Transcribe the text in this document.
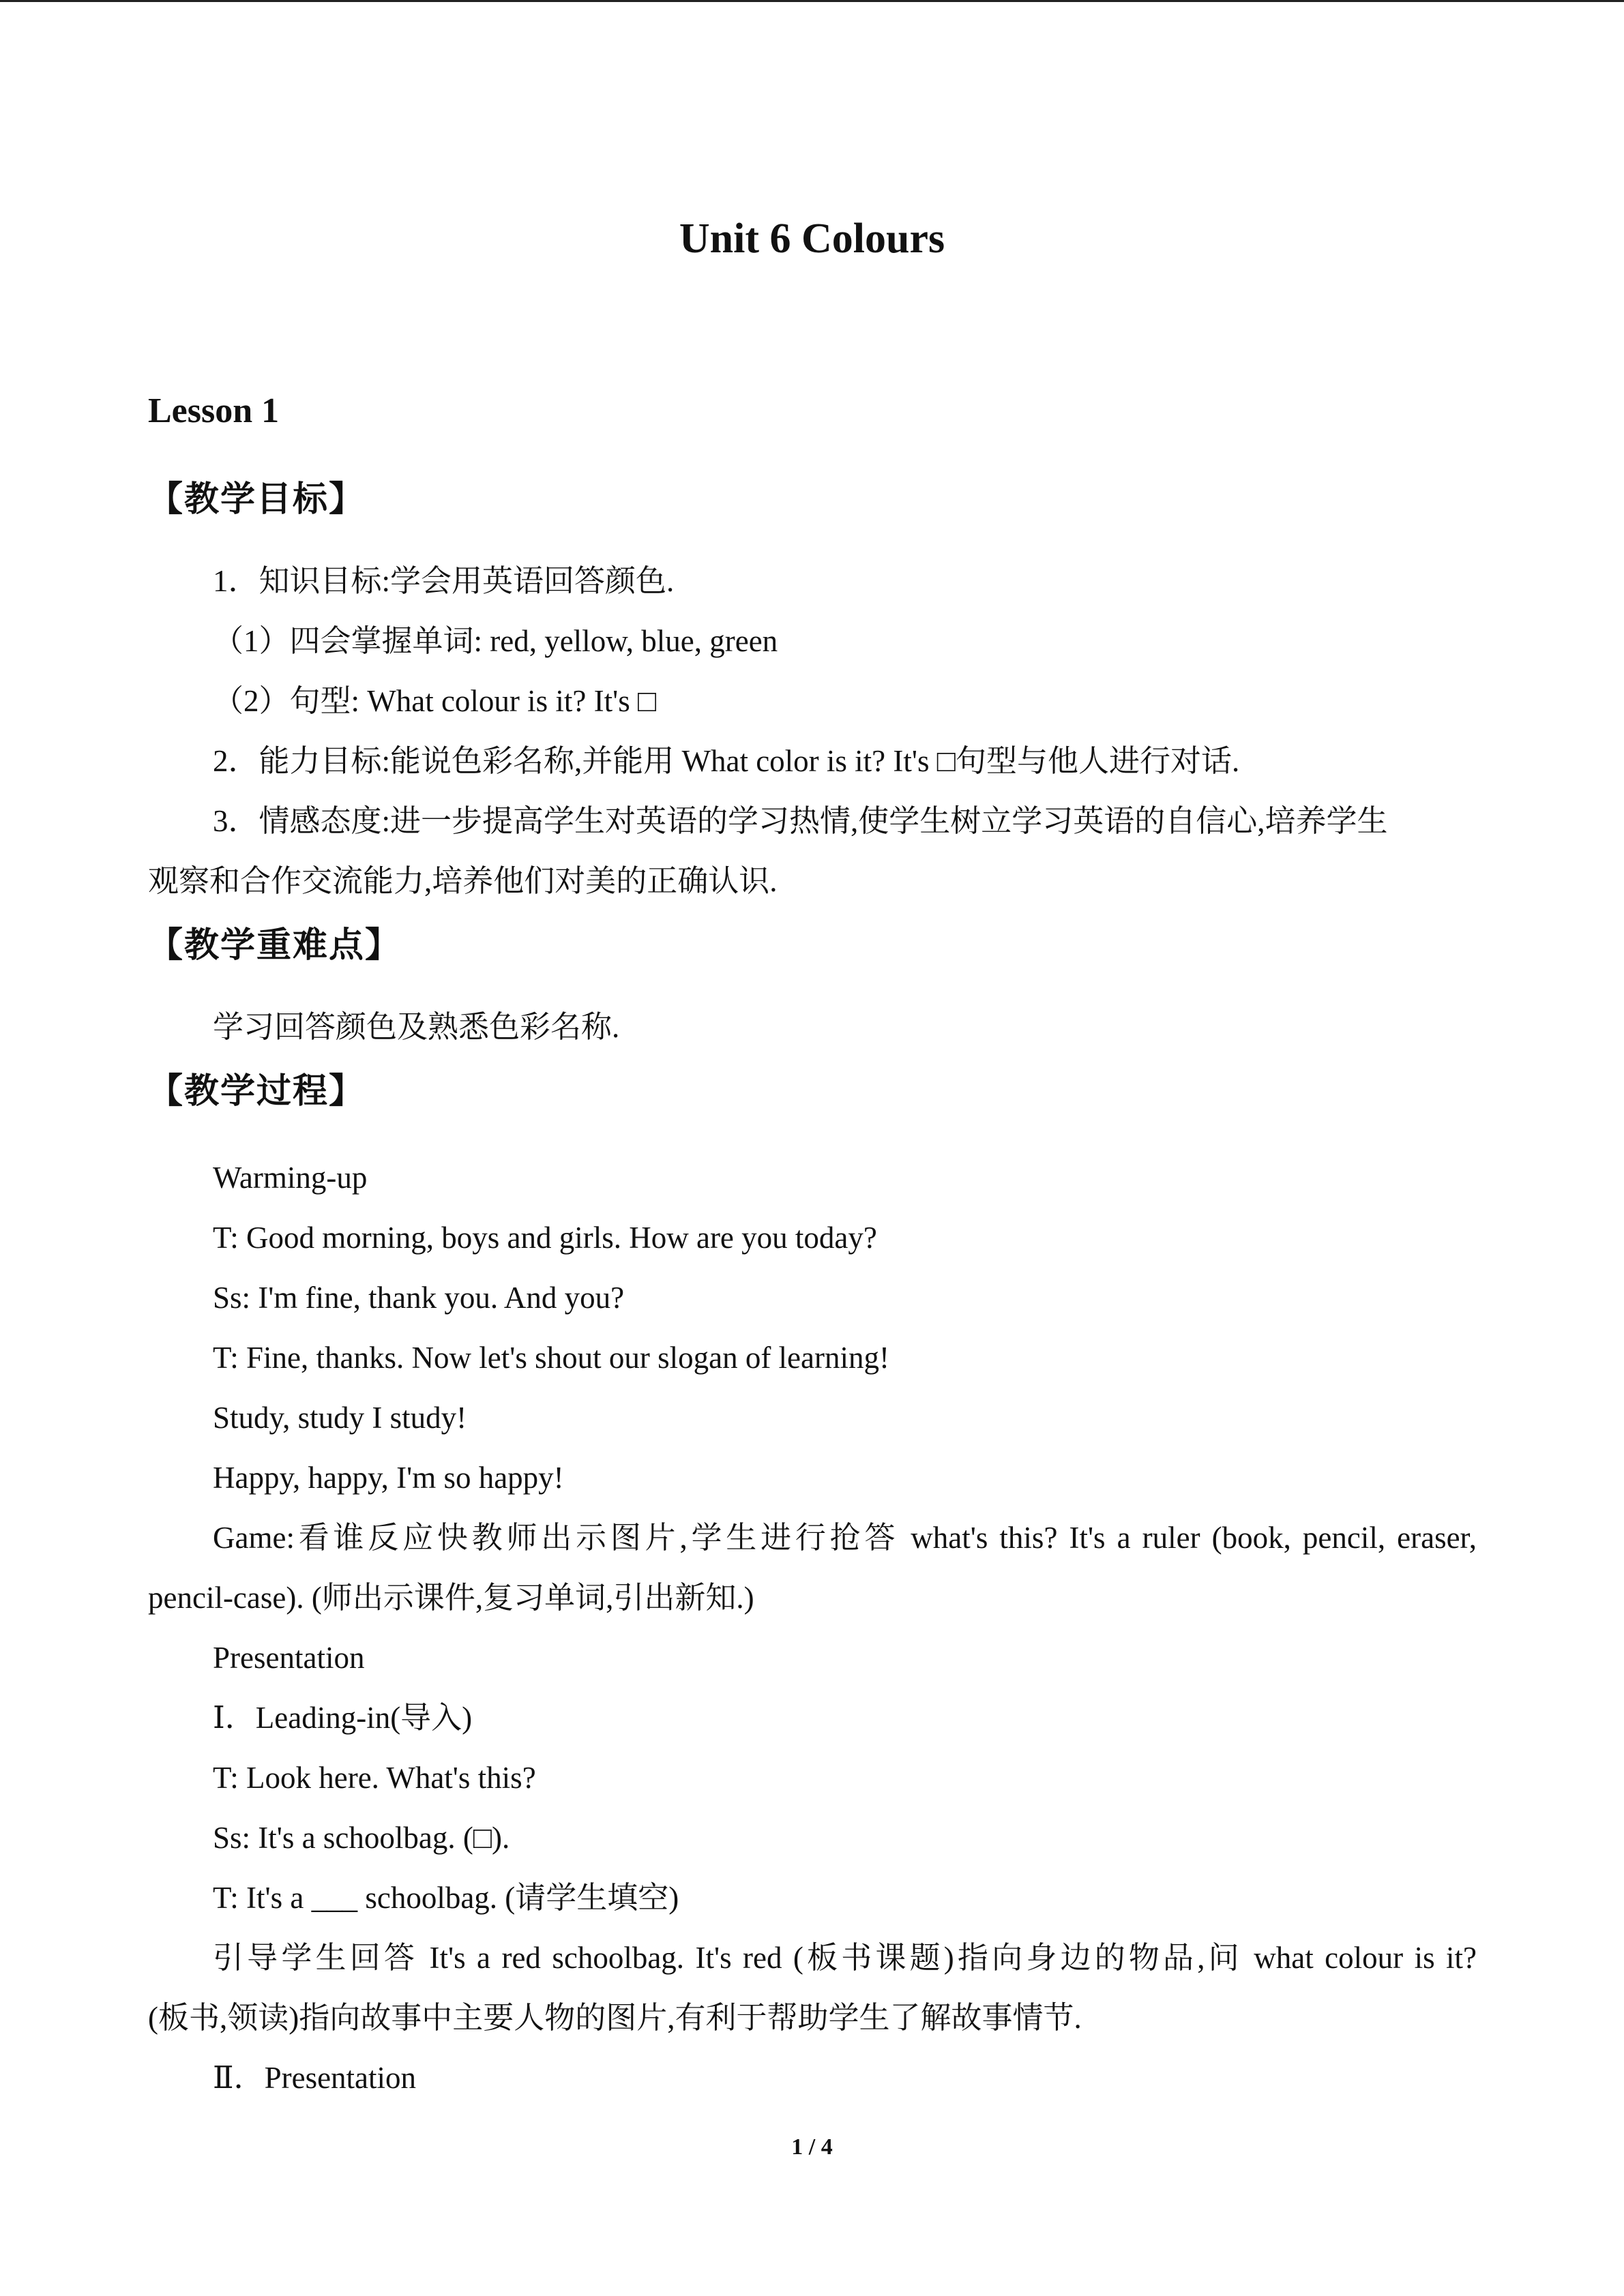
Unit 6 Colours
Lesson 1
【教学目标】
1．知识目标:学会用英语回答颜色.
（1）四会掌握单词: red, yellow, blue, green
（2）句型: What colour is it? It's □
2．能力目标:能说色彩名称,并能用 What color is it? It's □句型与他人进行对话.
3．情感态度:进一步提高学生对英语的学习热情,使学生树立学习英语的自信心,培养学生
观察和合作交流能力,培养他们对美的正确认识.
【教学重难点】
学习回答颜色及熟悉色彩名称.
【教学过程】
Warming-up
T: Good morning, boys and girls. How are you today?
Ss: I'm fine, thank you. And you?
T: Fine, thanks. Now let's shout our slogan of learning!
Study, study I study!
Happy, happy, I'm so happy!
Game:看谁反应快教师出示图片,学生进行抢答 what's this? It's a ruler (book, pencil, eraser,
pencil-case). (师出示课件,复习单词,引出新知.)
Presentation
Ⅰ．Leading-in(导入)
T: Look here. What's this?
Ss: It's a schoolbag. (□).
T: It's a ___ schoolbag. (请学生填空)
引导学生回答 It's a red schoolbag. It's red (板书课题)指向身边的物品,问 what colour is it?
(板书,领读)指向故事中主要人物的图片,有利于帮助学生了解故事情节.
Ⅱ．Presentation
1 / 4
